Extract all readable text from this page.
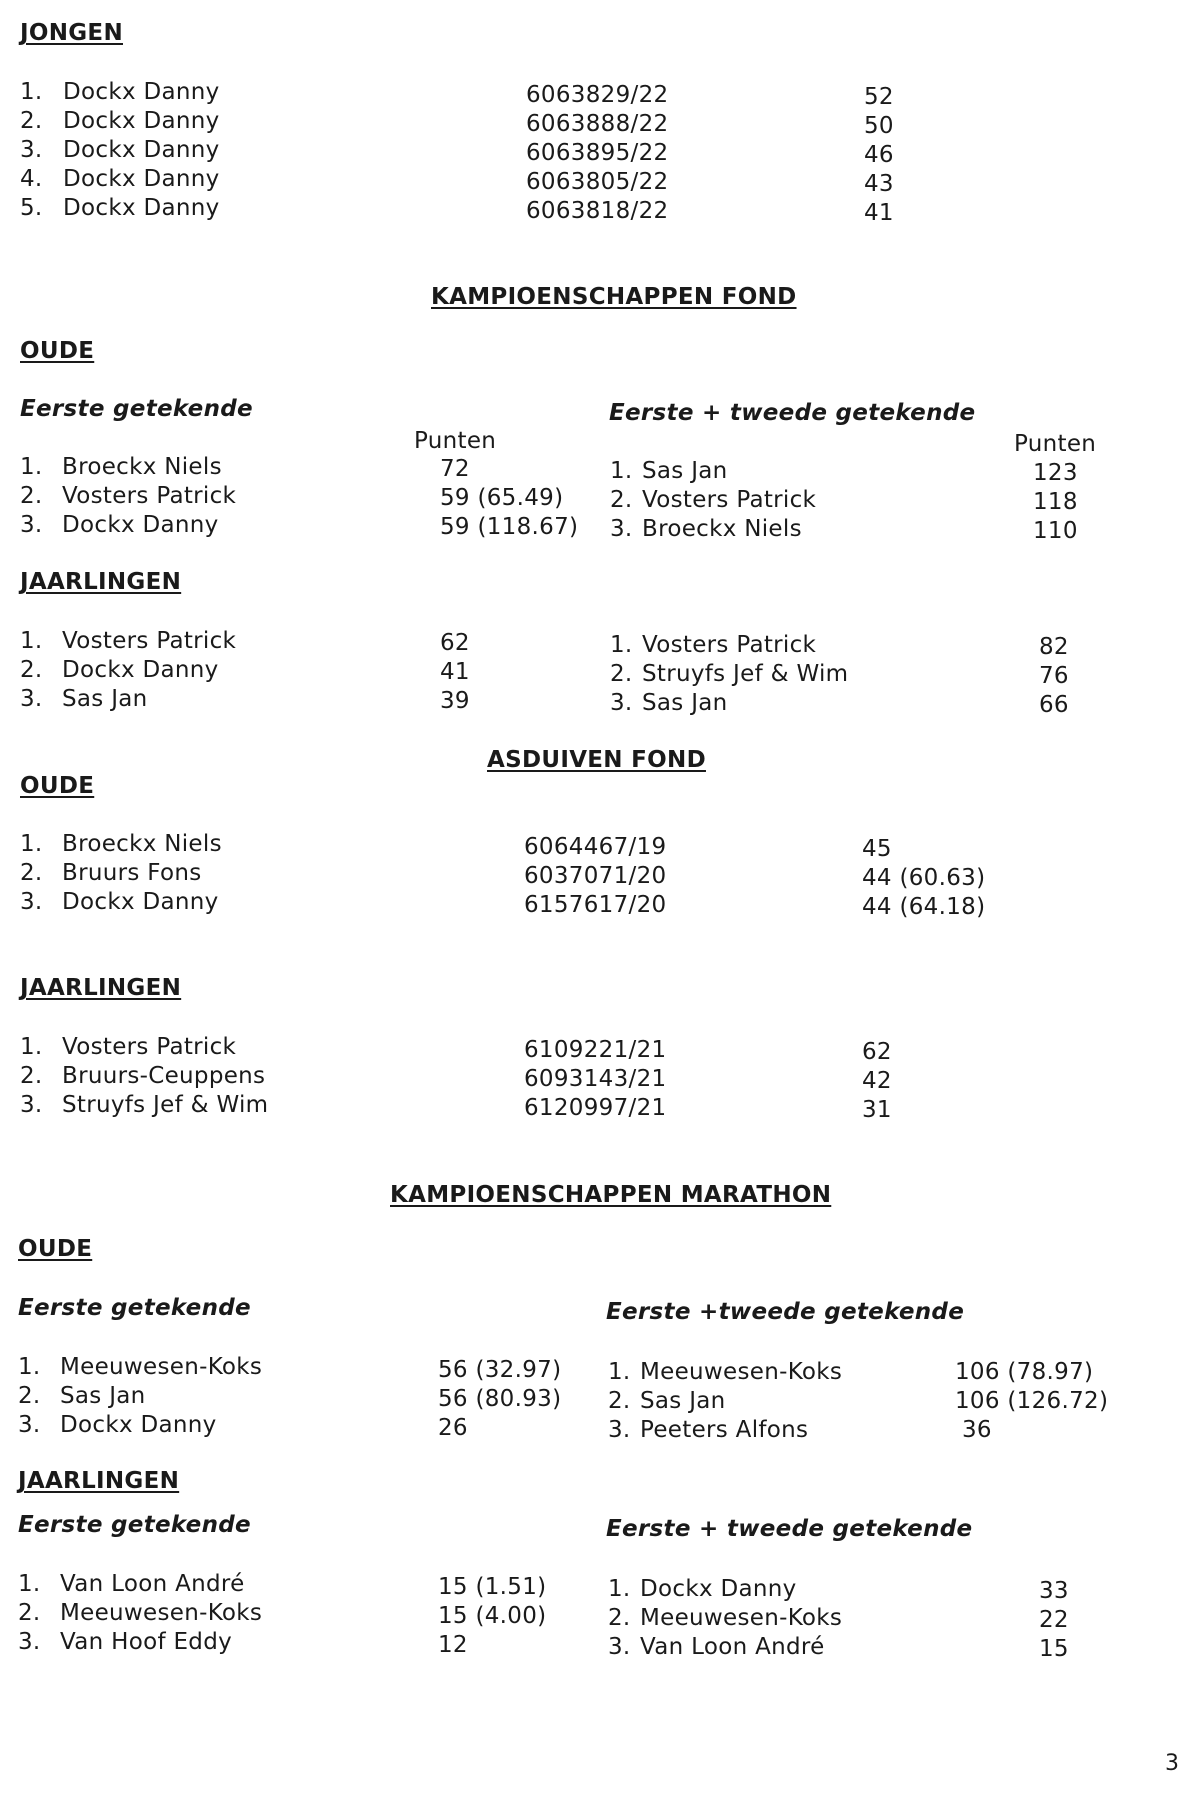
JONGEN
1. Dockx Danny	6063829/22	52
2. Dockx Danny	6063888/22	50
3. Dockx Danny	6063895/22	46
4. Dockx Danny	6063805/22	43
5. Dockx Danny	6063818/22	41
KAMPIOENSCHAPPEN FOND
OUDE
Eerste getekende	Eerste + tweede getekende
Punten	Punten
1. Broeckx Niels	72	1. Sas Jan	123
2. Vosters Patrick	59 (65.49) 2. Vosters Patrick	118
3. Dockx Danny	59 (118.67) 3. Broeckx Niels	110
JAARLINGEN
1. Vosters Patrick	62	1. Vosters Patrick	82
2. Dockx Danny	41	2. Struyfs Jef & Wim	76
3. Sas Jan	39	3. Sas Jan	66
ASDUIVEN FOND
OUDE
1. Broeckx Niels	6064467/19	45
2. Bruurs Fons	6037071/20	44 (60.63)
3. Dockx Danny	6157617/20	44 (64.18)
JAARLINGEN
1. Vosters Patrick	6109221/21	62
2. Bruurs-Ceuppens	6093143/21	42
3. Struyfs Jef & Wim	6120997/21	31
KAMPIOENSCHAPPEN MARATHON
OUDE
Eerste getekende	Eerste +tweede getekende
1. Meeuwesen-Koks	56 (32.97) 1. Meeuwesen-Koks	106 (78.97)
2. Sas Jan	56 (80.93) 2. Sas Jan	106 (126.72)
3. Dockx Danny	26	3. Peeters Alfons	36
JAARLINGEN
Eerste getekende	Eerste + tweede getekende
1. Van Loon André	15 (1.51)	1. Dockx Danny	33
2. Meeuwesen-Koks	15 (4.00)	2. Meeuwesen-Koks	22
3. Van Hoof Eddy	12	3. Van Loon André	15
3
